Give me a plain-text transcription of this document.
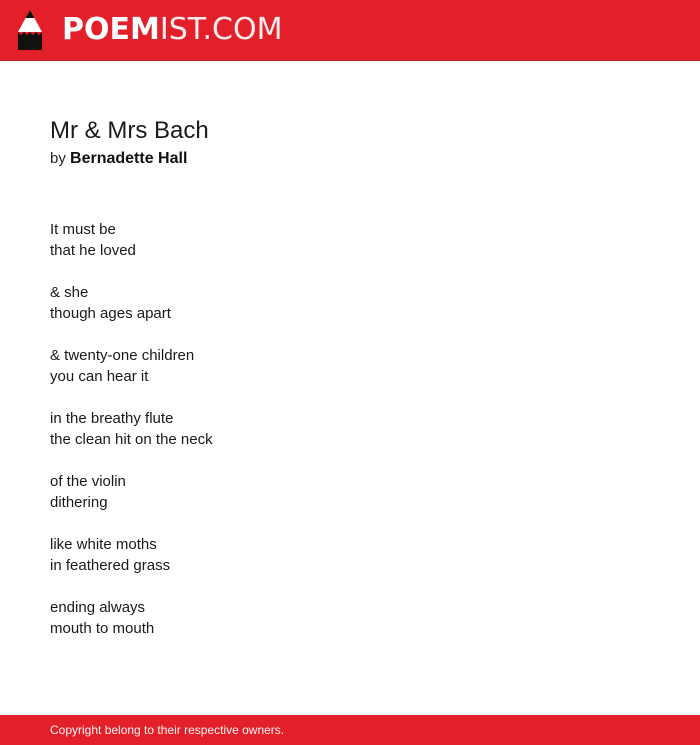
POEMIST.COM
Mr & Mrs Bach

by Bernadette Hall

It must be
that he loved

& she
though ages apart

& twenty-one children
you can hear it

in the breathy flute
the clean hit on the neck

of the violin
dithering

like white moths
in feathered grass

ending always
mouth to mouth

Copyright belong to their respective owners.
